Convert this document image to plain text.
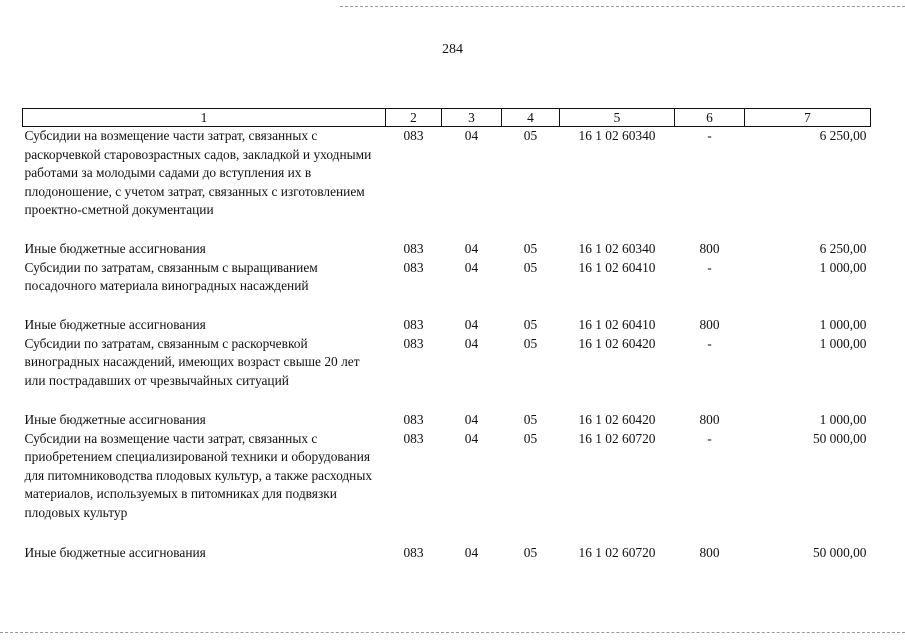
284
1	2	3	4	5	6	7
Субсидии на возмещение части затрат, связанных с раскорчевкой старовозрастных садов, закладкой и уходными работами за молодыми садами до вступления их в плодоношение, с учетом затрат, связанных с изготовлением проектно-сметной документации	083	04	05	16 1 02 60340	-	6 250,00
Иные бюджетные ассигнования	083	04	05	16 1 02 60340	800	6 250,00
Субсидии по затратам, связанным с выращиванием посадочного материала виноградных насаждений	083	04	05	16 1 02 60410	-	1 000,00
Иные бюджетные ассигнования	083	04	05	16 1 02 60410	800	1 000,00
Субсидии по затратам, связанным с раскорчевкой виноградных насаждений, имеющих возраст свыше 20 лет или пострадавших от чрезвычайных ситуаций	083	04	05	16 1 02 60420	-	1 000,00
Иные бюджетные ассигнования	083	04	05	16 1 02 60420	800	1 000,00
Субсидии на возмещение части затрат, связанных с приобретением специализированой техники и оборудования для питомниководства плодовых культур, а также расходных материалов, используемых в питомниках для подвязки плодовых культур	083	04	05	16 1 02 60720	-	50 000,00
Иные бюджетные ассигнования	083	04	05	16 1 02 60720	800	50 000,00
